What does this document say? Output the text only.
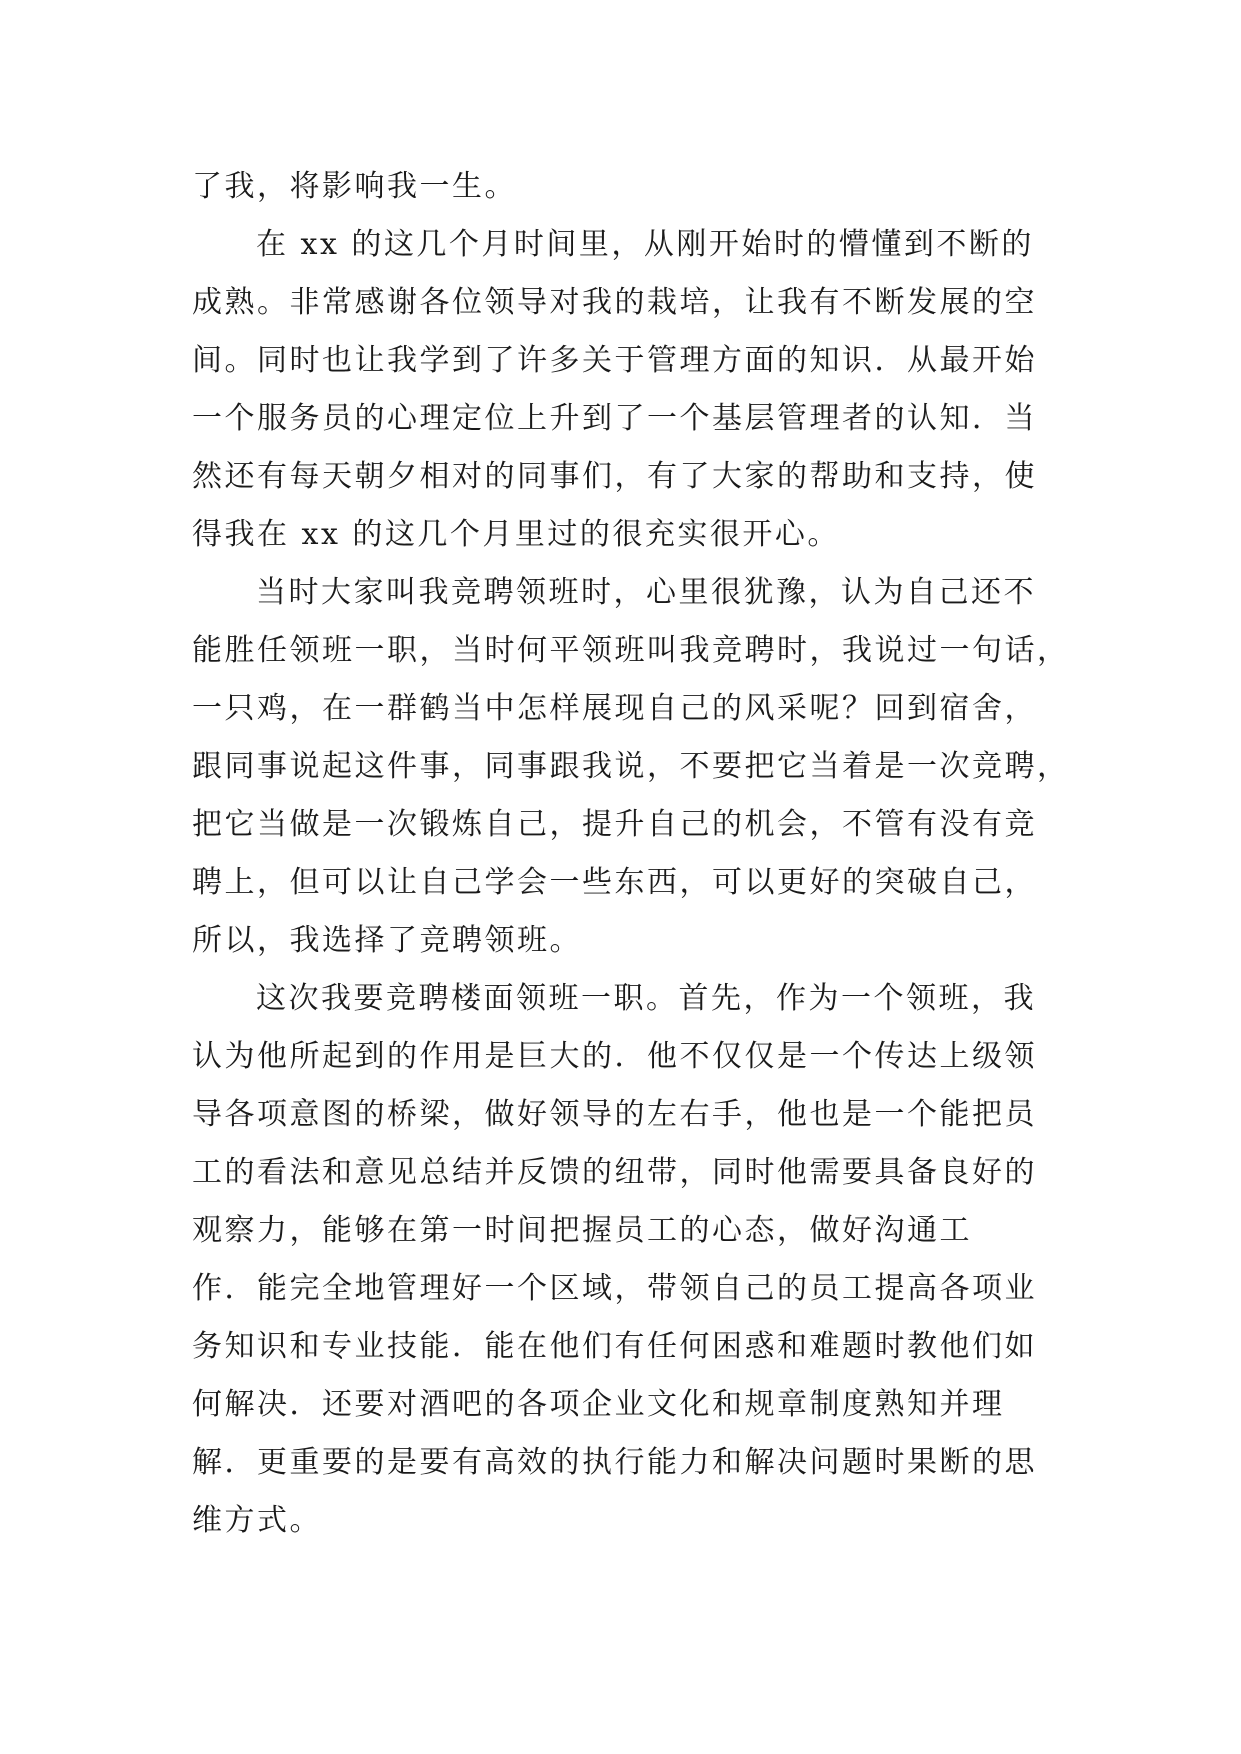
了我，将影响我一生。
在 xx 的这几个月时间里，从刚开始时的懵懂到不断的
成熟。非常感谢各位领导对我的栽培，让我有不断发展的空
间。同时也让我学到了许多关于管理方面的知识．从最开始
一个服务员的心理定位上升到了一个基层管理者的认知．当
然还有每天朝夕相对的同事们，有了大家的帮助和支持，使
得我在 xx 的这几个月里过的很充实很开心。
当时大家叫我竞聘领班时，心里很犹豫，认为自己还不
能胜任领班一职，当时何平领班叫我竞聘时，我说过一句话，
一只鸡，在一群鹤当中怎样展现自己的风采呢？回到宿舍，
跟同事说起这件事，同事跟我说，不要把它当着是一次竞聘，
把它当做是一次锻炼自己，提升自己的机会，不管有没有竞
聘上，但可以让自己学会一些东西，可以更好的突破自己，
所以，我选择了竞聘领班。
这次我要竞聘楼面领班一职。首先，作为一个领班，我
认为他所起到的作用是巨大的．他不仅仅是一个传达上级领
导各项意图的桥梁，做好领导的左右手，他也是一个能把员
工的看法和意见总结并反馈的纽带，同时他需要具备良好的
观察力，能够在第一时间把握员工的心态，做好沟通工
作．能完全地管理好一个区域，带领自己的员工提高各项业
务知识和专业技能．能在他们有任何困惑和难题时教他们如
何解决．还要对酒吧的各项企业文化和规章制度熟知并理
解．更重要的是要有高效的执行能力和解决问题时果断的思
维方式。
